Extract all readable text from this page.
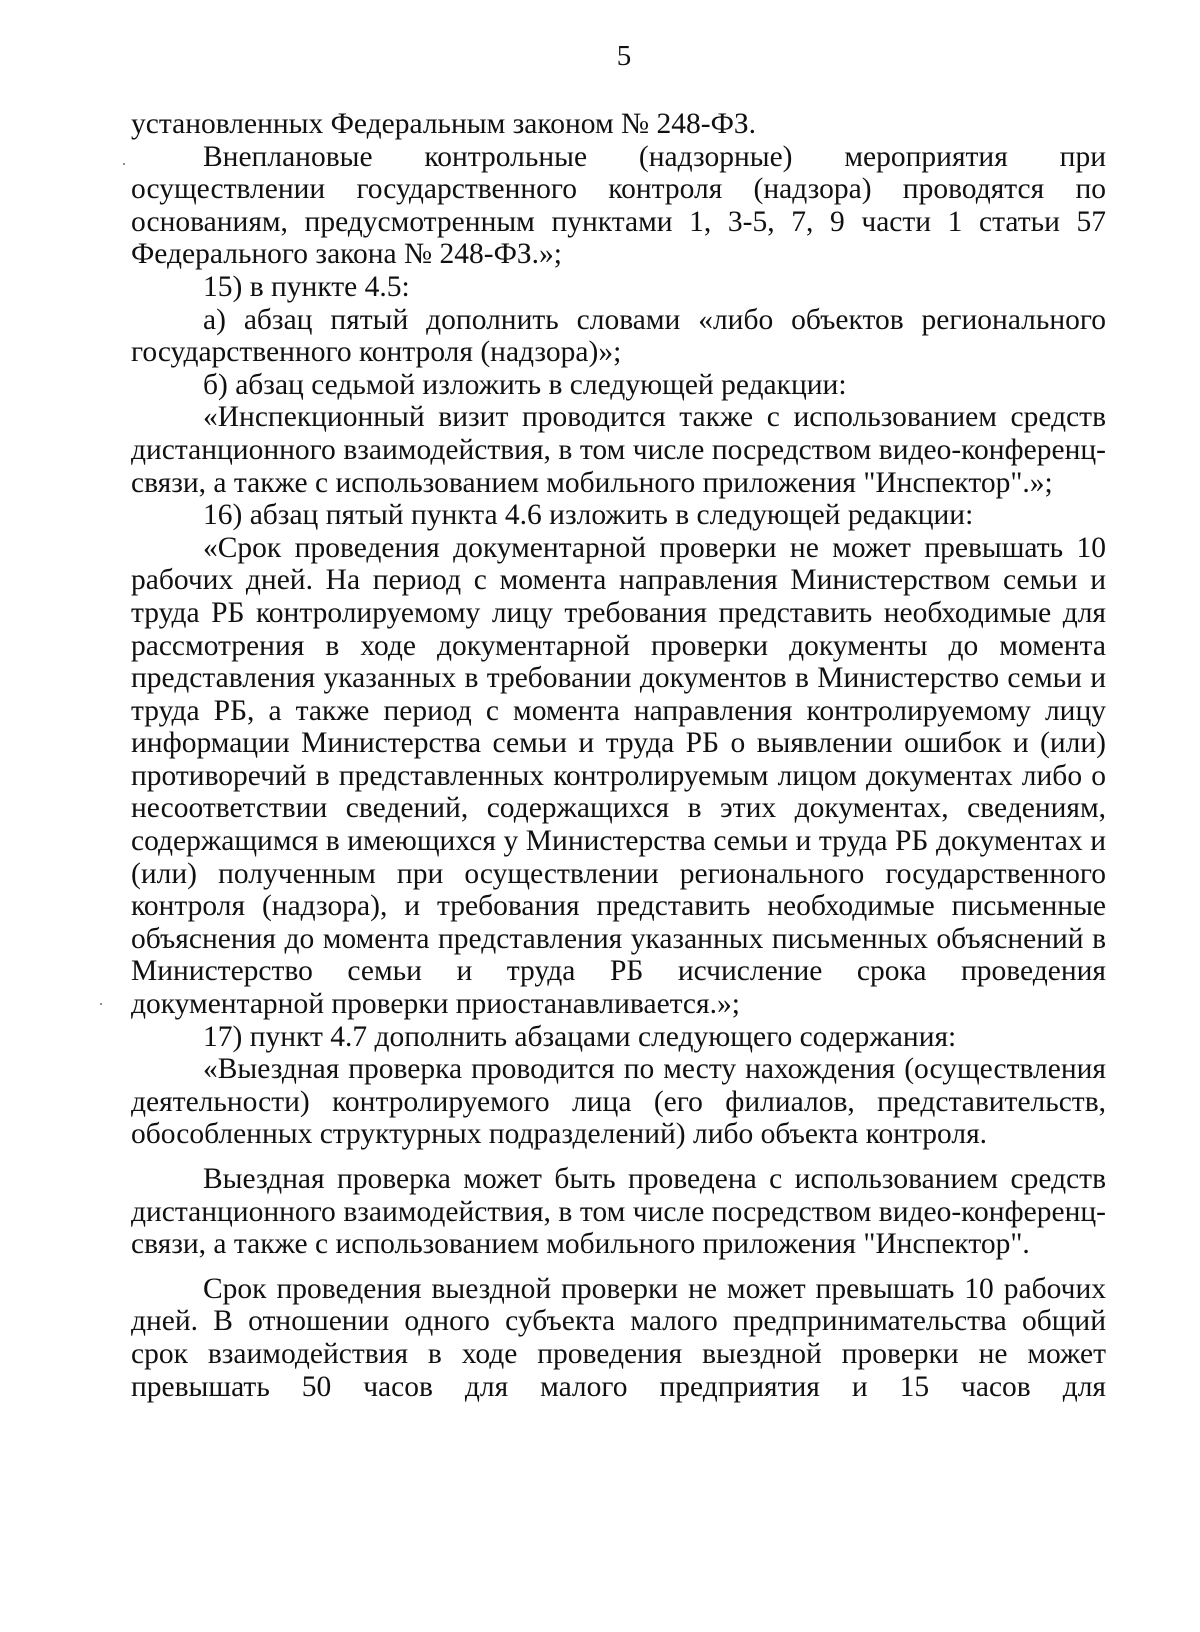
5

установленных Федеральным законом № 248-ФЗ.

Внеплановые контрольные (надзорные) мероприятия при осуществлении государственного контроля (надзора) проводятся по основаниям, предусмотренным пунктами 1, 3-5, 7, 9 части 1 статьи 57 Федерального закона № 248-ФЗ.»;

15) в пункте 4.5:

а) абзац пятый дополнить словами «либо объектов регионального государственного контроля (надзора)»;

б) абзац седьмой изложить в следующей редакции:

«Инспекционный визит проводится также с использованием средств дистанционного взаимодействия, в том числе посредством видео-конференц-связи, а также с использованием мобильного приложения "Инспектор".»;

16) абзац пятый пункта 4.6 изложить в следующей редакции:

«Срок проведения документарной проверки не может превышать 10 рабочих дней. На период с момента направления Министерством семьи и труда РБ контролируемому лицу требования представить необходимые для рассмотрения в ходе документарной проверки документы до момента представления указанных в требовании документов в Министерство семьи и труда РБ, а также период с момента направления контролируемому лицу информации Министерства семьи и труда РБ о выявлении ошибок и (или) противоречий в представленных контролируемым лицом документах либо о несоответствии сведений, содержащихся в этих документах, сведениям, содержащимся в имеющихся у Министерства семьи и труда РБ документах и (или) полученным при осуществлении регионального государственного контроля (надзора), и требования представить необходимые письменные объяснения до момента представления указанных письменных объяснений в Министерство семьи и труда РБ исчисление срока проведения документарной проверки приостанавливается.»;

17) пункт 4.7 дополнить абзацами следующего содержания:

«Выездная проверка проводится по месту нахождения (осуществления деятельности) контролируемого лица (его филиалов, представительств, обособленных структурных подразделений) либо объекта контроля.

Выездная проверка может быть проведена с использованием средств дистанционного взаимодействия, в том числе посредством видео-конференц-связи, а также с использованием мобильного приложения "Инспектор".

Срок проведения выездной проверки не может превышать 10 рабочих дней. В отношении одного субъекта малого предпринимательства общий срок взаимодействия в ходе проведения выездной проверки не может превышать 50 часов для малого предприятия и 15 часов для
